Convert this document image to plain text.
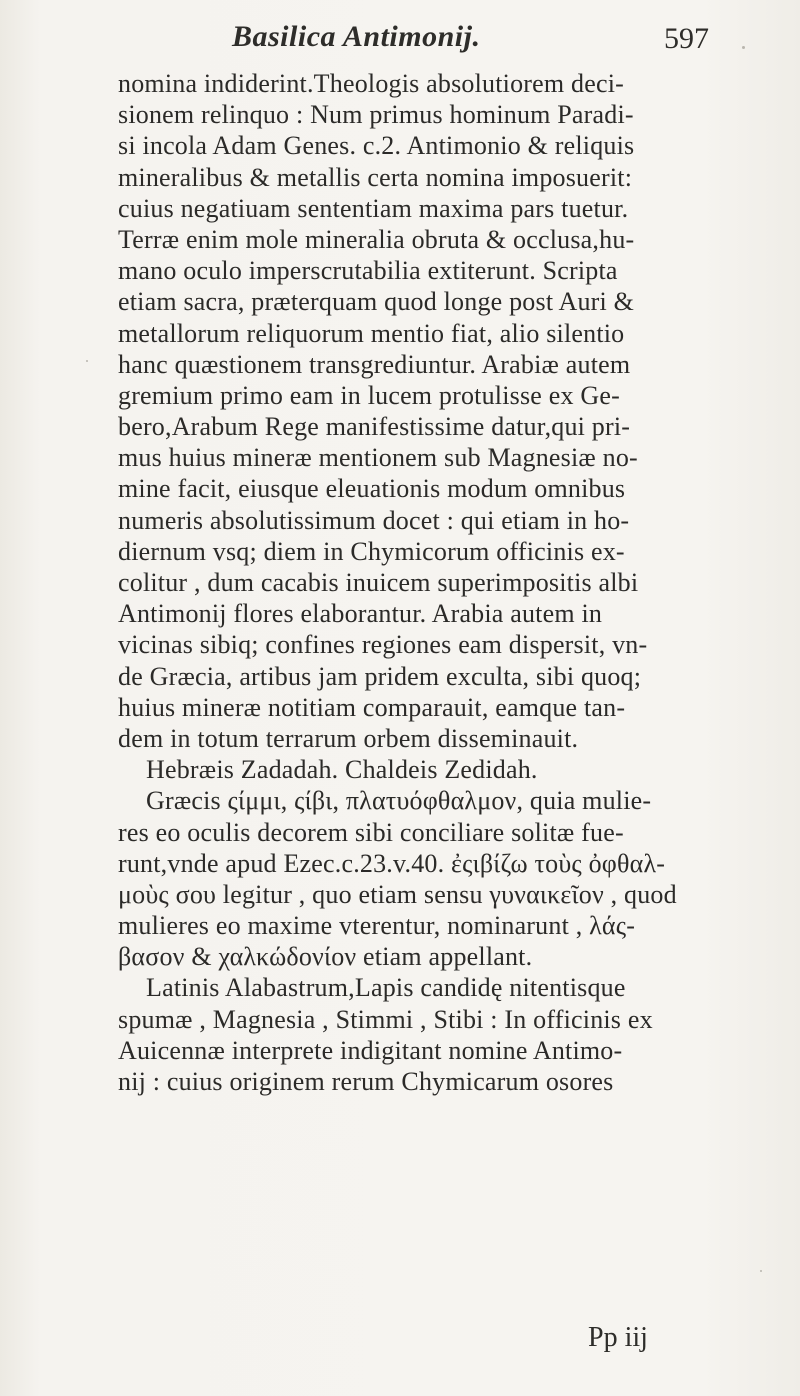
Basilica Antimonij.	597
nomina indiderint.Theologis absolutiorem deci-
sionem relinquo : Num primus hominum Paradi-
si incola Adam Genes. c.2. Antimonio & reliquis
mineralibus & metallis certa nomina imposuerit:
cuius negatiuam sententiam maxima pars tuetur.
Terræ enim mole mineralia obruta & occlusa,hu-
mano oculo imperscrutabilia extiterunt. Scripta
etiam sacra, præterquam quod longe post Auri &
metallorum reliquorum mentio fiat, alio silentio
hanc quæstionem transgrediuntur. Arabiæ autem
gremium primo eam in lucem protulisse ex Ge-
bero,Arabum Rege manifestissime datur,qui pri-
mus huius mineræ mentionem sub Magnesiæ no-
mine facit, eiusque eleuationis modum omnibus
numeris absolutissimum docet : qui etiam in ho-
diernum vsq; diem in Chymicorum officinis ex-
colitur , dum cacabis inuicem superimpositis albi
Antimonij flores elaborantur. Arabia autem in
vicinas sibiq; confines regiones eam dispersit, vn-
de Græcia, artibus jam pridem exculta, sibi quoq;
huius mineræ notitiam comparauit, eamque tan-
dem in totum terrarum orbem disseminauit.
Hebræis Zadadah. Chaldeis Zedidah.
Græcis ςίμμι, ςίβι, πλατυόφθαλμον, quia mulie-
res eo oculis decorem sibi conciliare solitæ fue-
runt,vnde apud Ezec.c.23.v.40. ἐςιβίζω τοὺς ὀφθαλ-
μοὺς σου legitur , quo etiam sensu γυναικεῖον , quod
mulieres eo maxime vterentur, nominarunt , λάς-
βασον & χαλκώδονίον etiam appellant.
Latinis Alabastrum,Lapis candidę nitentisque
spumæ , Magnesia , Stimmi , Stibi : In officinis ex
Auicennæ interprete indigitant nomine Antimo-
nij : cuius originem rerum Chymicarum osores
Pp iij
